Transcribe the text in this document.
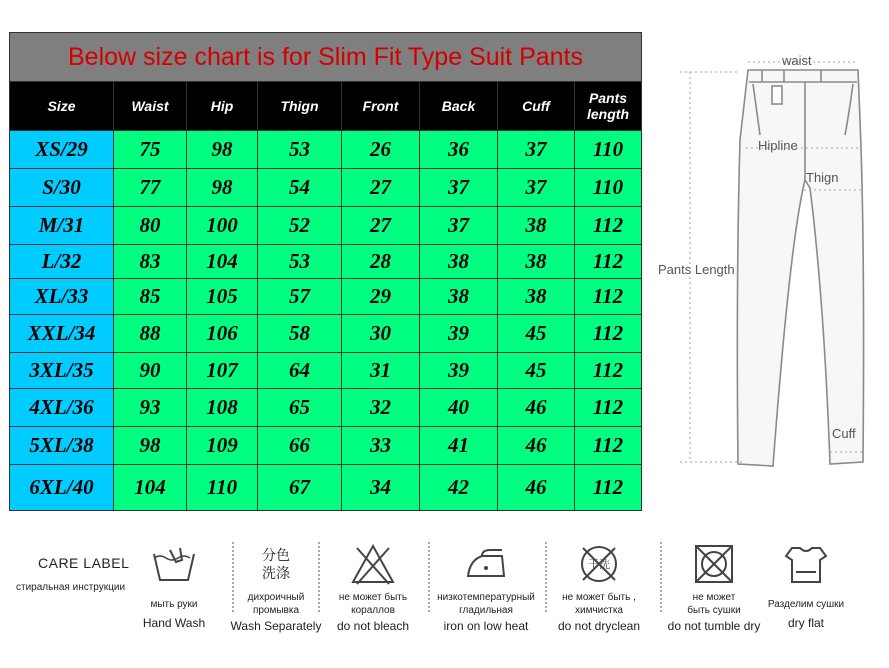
Below size chart is for Slim Fit Type Suit Pants							
Size	Waist	Hip	Thign	Front	Back	Cuff	Pants length
XS/29	75	98	53	26	36	37	110
S/30	77	98	54	27	37	37	110
M/31	80	100	52	27	37	38	112
L/32	83	104	53	28	38	38	112
XL/33	85	105	57	29	38	38	112
XXL/34	88	106	58	30	39	45	112
3XL/35	90	107	64	31	39	45	112
4XL/36	93	108	65	32	40	46	112
5XL/38	98	109	66	33	41	46	112
6XL/40	104	110	67	34	42	46	112
waist
Hipline
Thign
Pants Length
Cuff
CARE LABEL
стиральная инструкции
мыть руки
Hand Wash
分色
洗涤
дихроичный
промывка
Wash Separately
не может быть
кораллов
do not bleach
низкотемпературный
гладильная
iron on low heat
干洗
не может быть ,
химчистка
do not dryclean
не может
быть сушки
do not tumble dry
Разделим сушки
dry flat
